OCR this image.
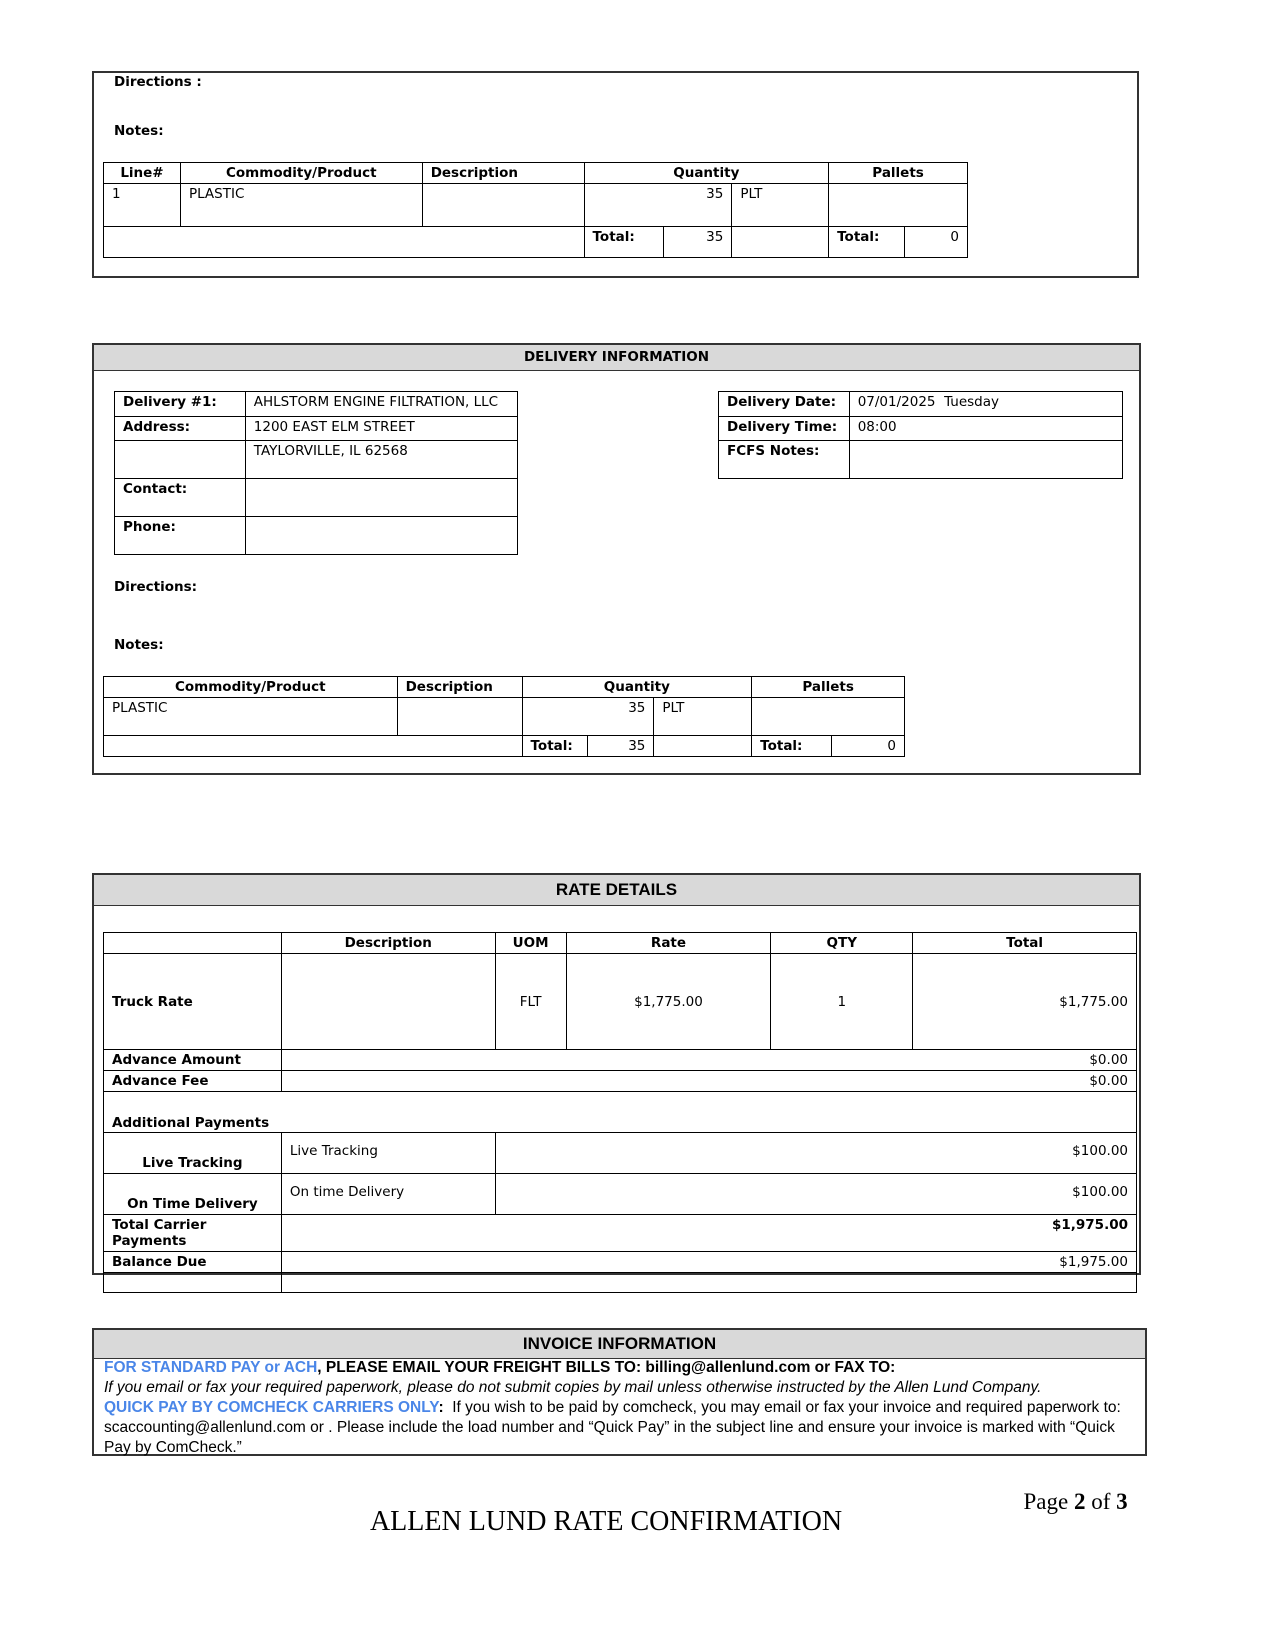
Directions :
Notes:
Line#	Commodity/Product	Description	Quantity			Pallets	
1	PLASTIC		35		PLT		
			Total:	35		Total:	0
DELIVERY INFORMATION
Delivery #1:	AHLSTORM ENGINE FILTRATION, LLC
Address:	1200 EAST ELM STREET
	TAYLORVILLE, IL 62568
Contact:	
Phone:	
Delivery Date:	07/01/2025  Tuesday
Delivery Time:	08:00
FCFS Notes:	
Directions:
Notes:
Commodity/Product	Description	Quantity			Pallets	
PLASTIC		35		PLT		
		Total:	35		Total:	0
RATE DETAILS
	Description	UOM	Rate	QTY	Total
Truck Rate		FLT	$1,775.00	1	$1,775.00
Advance Amount	$0.00				
Advance Fee	$0.00				
Additional Payments					
Live Tracking	Live Tracking	$100.00			
On Time Delivery	On time Delivery	$100.00			
Total Carrier Payments	$1,975.00				
Balance Due	$1,975.00				

INVOICE INFORMATION
FOR STANDARD PAY or ACH, PLEASE EMAIL YOUR FREIGHT BILLS TO: billing@allenlund.com or FAX TO:
If you email or fax your required paperwork, please do not submit copies by mail unless otherwise instructed by the Allen Lund Company.
QUICK PAY BY COMCHECK CARRIERS ONLY:  If you wish to be paid by comcheck, you may email or fax your invoice and required paperwork to: scaccounting@allenlund.com or . Please include the load number and “Quick Pay” in the subject line and ensure your invoice is marked with “Quick Pay by ComCheck.”

Page 2 of 3

ALLEN LUND RATE CONFIRMATION
